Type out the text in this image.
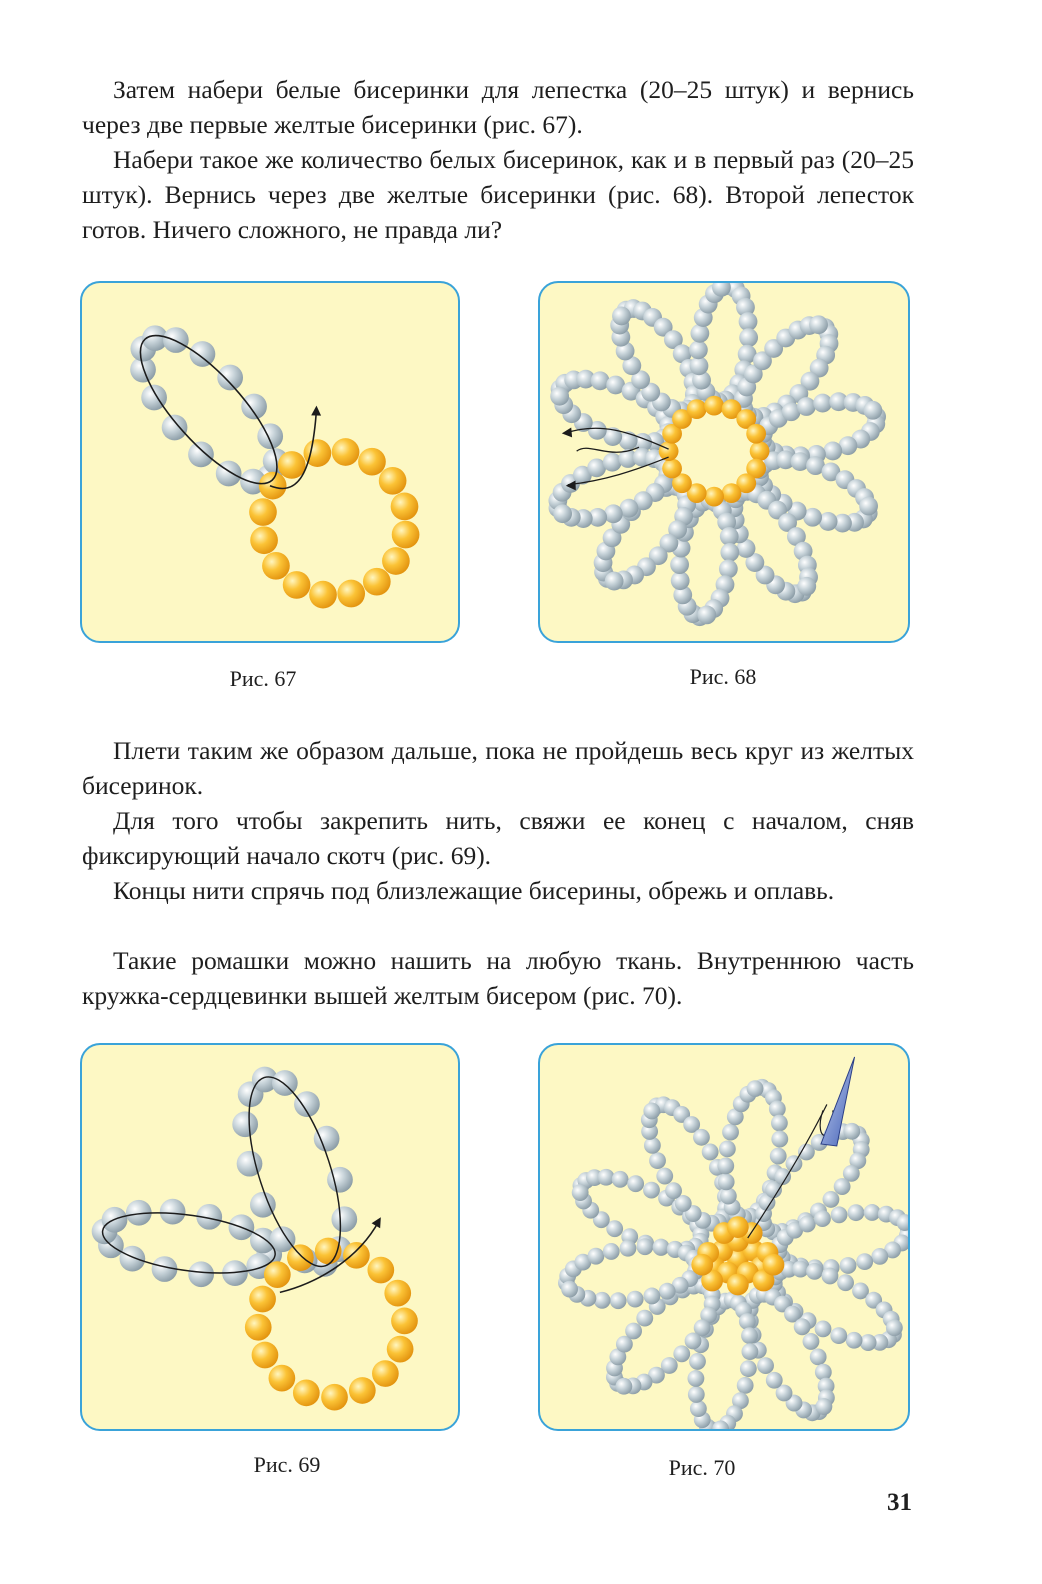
Затем набери белые бисеринки для лепестка (20–25 штук) и вернись через две первые желтые бисеринки (рис. 67).

Набери такое же количество белых бисеринок, как и в первый раз (20–25 штук). Вернись через две желтые бисеринки (рис. 68). Второй лепесток готов. Ничего сложного, не правда ли?

Рис. 67	Рис. 68

Плети таким же образом дальше, пока не пройдешь весь круг из желтых бисеринок.

Для того чтобы закрепить нить, свяжи ее конец с началом, сняв фиксирующий начало скотч (рис. 69).

Концы нити спрячь под близлежащие бисерины, обрежь и оплавь.

Такие ромашки можно нашить на любую ткань. Внутреннюю часть кружка-сердцевинки вышей желтым бисером (рис. 70).

Рис. 69	Рис. 70
31
